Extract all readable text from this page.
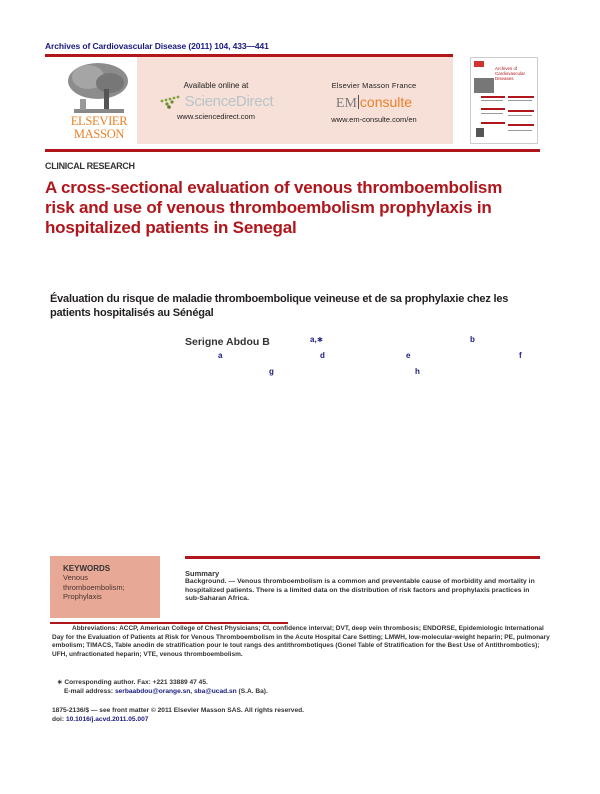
Archives of Cardiovascular Disease (2011) 104, 433—441
ELSEVIER
MASSON
Available online at
ScienceDirect
www.sciencedirect.com
Elsevier Masson France
EM consulte
www.em-consulte.com/en
Archives of Cardiovascular Diseases
CLINICAL RESEARCH
A cross-sectional evaluation of venous thromboembolism risk and use of venous thromboembolism prophylaxis in hospitalized patients in Senegal
Évaluation du risque de maladie thromboembolique veineuse et de sa prophylaxie chez les patients hospitalisés au Sénégal
Serigne Abdou B	a,∗	b
a	d	e	f
g	h
KEYWORDS
Venous
thromboembolism;
Prophylaxis
Summary
Background. — Venous thromboembolism is a common and preventable cause of morbidity and mortality in hospitalized patients. There is a limited data on the distribution of risk factors and prophylaxis practices in sub-Saharan Africa.
Abbreviations: ACCP, American College of Chest Physicians; CI, confidence interval; DVT, deep vein thrombosis; ENDORSE, Epidemiologic International Day for the Evaluation of Patients at Risk for Venous Thromboembolism in the Acute Hospital Care Setting; LMWH, low-molecular-weight heparin; PE, pulmonary embolism; TIMACS, Table anodin de stratification pour le tout rangs des antithrombotiques (Gonel Table of Stratification for the Best Use of Antithrombotics); UFH, unfractionated heparin; VTE, venous thromboembolism.
∗ Corresponding author. Fax: +221 33889 47 45.
E-mail address: serbaabdou@orange.sn, sba@ucad.sn (S.A. Ba).
1875-2136/$ — see front matter © 2011 Elsevier Masson SAS. All rights reserved.
doi: 10.1016/j.acvd.2011.05.007
